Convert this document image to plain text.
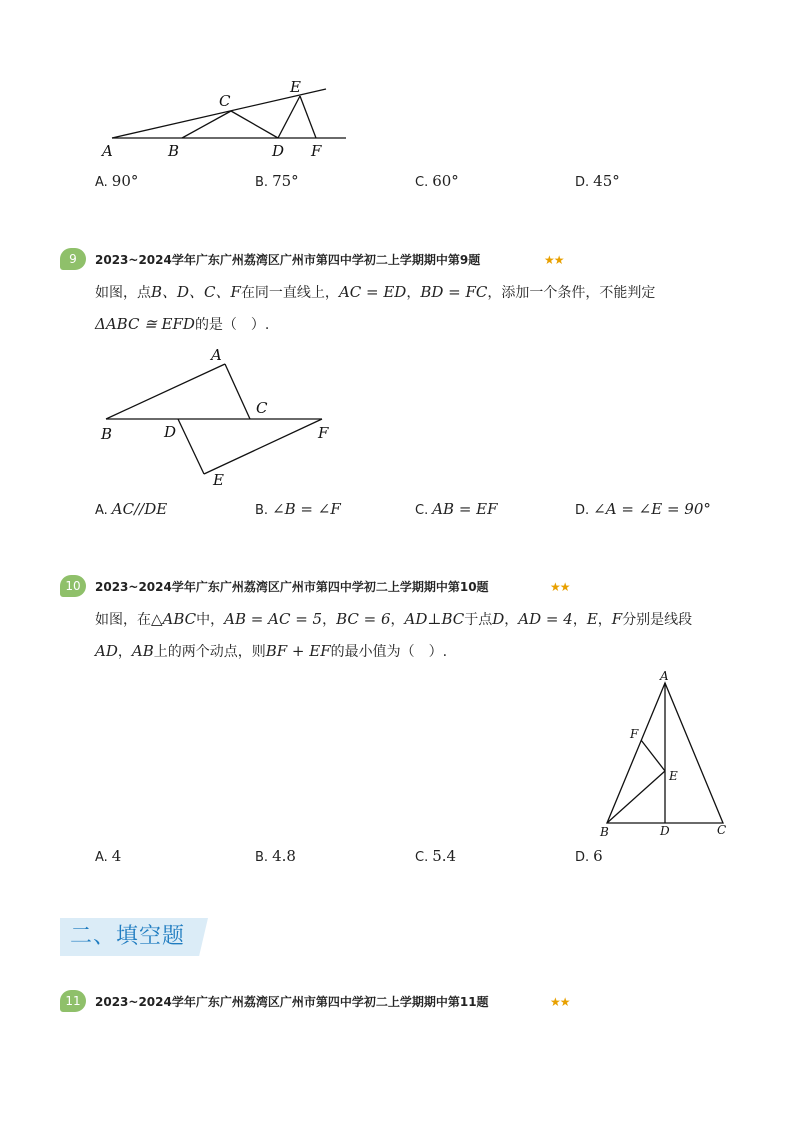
A	B
C
D
E
F
A. 90°	B. 75°	C. 60°	D. 45°
9	2023~2024学年广东广州荔湾区广州市第四中学初二上学期期中第9题	★★
如图，点B、D、C、F在同一直线上，AC = ED，BD = FC，添加一个条件，不能判定
ΔABC ≅ EFD的是（　）.
A
B
C
D
E
F
A. AC//DE	B. ∠B = ∠F	C. AB = EF	D. ∠A = ∠E = 90°
10	2023~2024学年广东广州荔湾区广州市第四中学初二上学期期中第10题	★★
如图，在△ABC中，AB = AC = 5，BC = 6，AD⊥BC于点D，AD = 4，E，F分别是线段
AD，AB上的两个动点，则BF + EF的最小值为（　）.
A
B	C
D
E
F
A. 4	B. 4.8	C. 5.4	D. 6
二、填空题
11	2023~2024学年广东广州荔湾区广州市第四中学初二上学期期中第11题	★★
